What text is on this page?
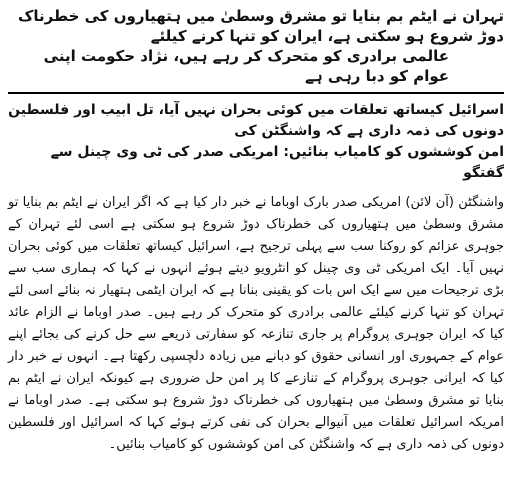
تہران نے ایٹم بم بنایا تو مشرق وسطیٰ میں ہتھیاروں کی خطرناک دوڑ شروع ہو سکتی ہے، ایران کو تنہا کرنے کیلئے
عالمی برادری کو متحرک کر رہے ہیں، نژاد حکومت اپنی عوام کو دبا رہی ہے
اسرائیل کیساتھ تعلقات میں کوئی بحران نہیں آیا، تل ابیب اور فلسطین دونوں کی ذمہ داری ہے کہ واشنگٹن کی
امن کوششوں کو کامیاب بنائیں: امریکی صدر کی ٹی وی چینل سے گفتگو

واشنگٹن (آن لائن) امریکی صدر بارک اوباما نے خبر دار کیا ہے کہ اگر ایران نے ایٹم بم بنایا تو مشرق وسطیٰ میں ہتھیاروں کی خطرناک دوڑ شروع ہو سکتی ہے اسی لئے تہران کے جوہری عزائم کو روکنا سب سے پہلی ترجیح ہے، اسرائیل کیساتھ تعلقات میں کوئی بحران نہیں آیا۔ ایک امریکی ٹی وی چینل کو انٹرویو دیتے ہوئے انہوں نے کہا کہ ہماری سب سے بڑی ترجیحات میں سے ایک اس بات کو یقینی بنانا ہے کہ ایران ایٹمی ہتھیار نہ بنائے اسی لئے تہران کو تنہا کرنے کیلئے عالمی برادری کو متحرک کر رہے ہیں۔ صدر اوباما نے الزام عائد کیا کہ ایران جوہری پروگرام پر جاری تنازعہ کو سفارتی ذریعے سے حل کرنے کی بجائے اپنے عوام کے جمہوری اور انسانی حقوق کو دبانے میں زیادہ دلچسپی رکھتا ہے۔ انہوں نے خبر دار کیا کہ ایرانی جوہری پروگرام کے تنازعے کا پر امن حل ضروری ہے کیونکہ ایران نے ایٹم بم بنایا تو مشرق وسطیٰ میں ہتھیاروں کی خطرناک دوڑ شروع ہو سکتی ہے۔ صدر اوباما نے امریکہ اسرائیل تعلقات میں آنیوالے بحران کی نفی کرتے ہوئے کہا کہ اسرائیل اور فلسطین دونوں کی ذمہ داری ہے کہ واشنگٹن کی امن کوششوں کو کامیاب بنائیں۔
